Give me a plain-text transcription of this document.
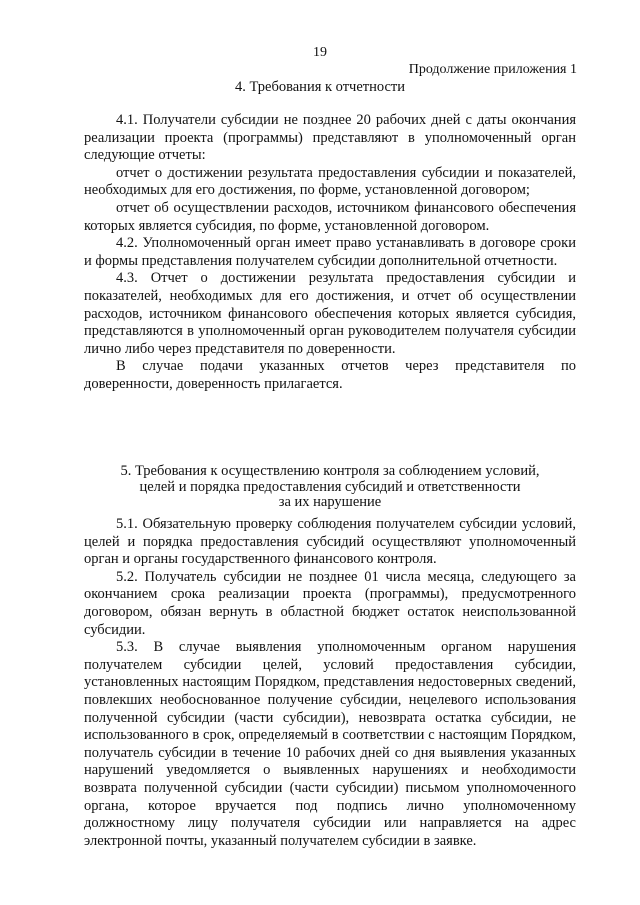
19
Продолжение приложения 1
4. Требования к отчетности

4.1. Получатели субсидии не позднее 20 рабочих дней с даты окончания реализации проекта (программы) представляют в уполномоченный орган следующие отчеты:

отчет о достижении результата предоставления субсидии и показателей, необходимых для его достижения, по форме, установленной договором;

отчет об осуществлении расходов, источником финансового обеспечения которых является субсидия, по форме, установленной договором.

4.2. Уполномоченный орган имеет право устанавливать в договоре сроки и формы представления получателем субсидии дополнительной отчетности.

4.3. Отчет о достижении результата предоставления субсидии и показателей, необходимых для его достижения, и отчет об осуществлении расходов, источником финансового обеспечения которых является субсидия, представляются в уполномоченный орган руководителем получателя субсидии лично либо через представителя по доверенности.

В случае подачи указанных отчетов через представителя по доверенности, доверенность прилагается.

5. Требования к осуществлению контроля за соблюдением условий,
целей и порядка предоставления субсидий и ответственности
за их нарушение

5.1. Обязательную проверку соблюдения получателем субсидии условий, целей и порядка предоставления субсидий осуществляют уполномоченный орган и органы государственного финансового контроля.

5.2. Получатель субсидии не позднее 01 числа месяца, следующего за окончанием срока реализации проекта (программы), предусмотренного договором, обязан вернуть в областной бюджет остаток неиспользованной субсидии.

5.3. В случае выявления уполномоченным органом нарушения получателем субсидии целей, условий предоставления субсидии, установленных настоящим Порядком, представления недостоверных сведений, повлекших необоснованное получение субсидии, нецелевого использования полученной субсидии (части субсидии), невозврата остатка субсидии, не использованного в срок, определяемый в соответствии с настоящим Порядком, получатель субсидии в течение 10 рабочих дней со дня выявления указанных нарушений уведомляется о выявленных нарушениях и необходимости возврата полученной субсидии (части субсидии) письмом уполномоченного органа, которое вручается под подпись лично уполномоченному должностному лицу получателя субсидии или направляется на адрес электронной почты, указанный получателем субсидии в заявке.
